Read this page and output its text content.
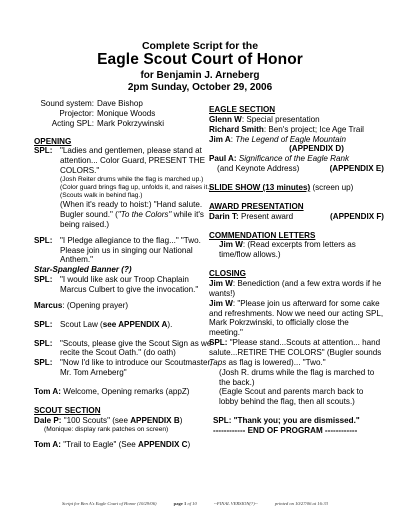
Complete Script for the
Eagle Scout Court of Honor
for Benjamin J. Arneberg
2pm Sunday, October 29, 2006
Sound system: Dave Bishop
Projector: Monique Woods
Acting SPL: Mark Pokrzywinski
OPENING
SPL: "Ladies and gentlemen, please stand at attention... Color Guard, PRESENT THE COLORS."
(Josh Reiter drums while the flag is marched up.) (Color guard brings flag up, unfolds it, and raises it.) (Scouts walk in behind flag.)
(When it's ready to hoist:) "Hand salute. Bugler sound." ("To the Colors" while it's being raised.)
SPL: "I Pledge allegiance to the flag..." "Two. Please join us in singing our National Anthem."
Star-Spangled Banner (?)
SPL: "I would like ask our Troop Chaplain Marcus Culbert to give the invocation."
Marcus: (Opening prayer)
SPL: Scout Law (see APPENDIX A).
SPL: "Scouts, please give the Scout Sign as we recite the Scout Oath." (do oath)
SPL: "Now I'd like to introduce our Scoutmaster, Mr. Tom Arneberg"
Tom A: Welcome, Opening remarks (appZ)
SCOUT SECTION
Dale P: "100 Scouts" (see APPENDIX B)
(Monique: display rank patches on screen)
Tom A: "Trail to Eagle" (See APPENDIX C)
EAGLE SECTION
Glenn W: Special presentation
Richard Smith: Ben's project; Ice Age Trail
Jim A: The Legend of Eagle Mountain
(APPENDIX D)
Paul A: Significance of the Eagle Rank
(and Keynote Address)	(APPENDIX E)
SLIDE SHOW (13 minutes) (screen up)
AWARD PRESENTATION
Darin T: Present award	(APPENDIX F)
COMMENDATION LETTERS
Jim W: (Read excerpts from letters as time/flow allows.)
CLOSING
Jim W: Benediction (and a few extra words if he wants!)
Jim W: "Please join us afterward for some cake and refreshments. Now we need our acting SPL, Mark Pokrzwinski, to officially close the meeting."
SPL: "Please stand...Scouts at attention... hand salute...RETIRE THE COLORS" (Bugler sounds Taps as flag is lowered)... "Two."
(Josh R. drums while the flag is marched to the back.)
(Eagle Scout and parents march back to lobby behind the flag, then all scouts.)
SPL: "Thank you; you are dismissed."
------------ END OF PROGRAM ------------
Script for Ben A's Eagle Court of Honor (10/29/06)	page 1 of 10	--FINAL VERSION(?)--	printed on 10/27/06 at 16:33
